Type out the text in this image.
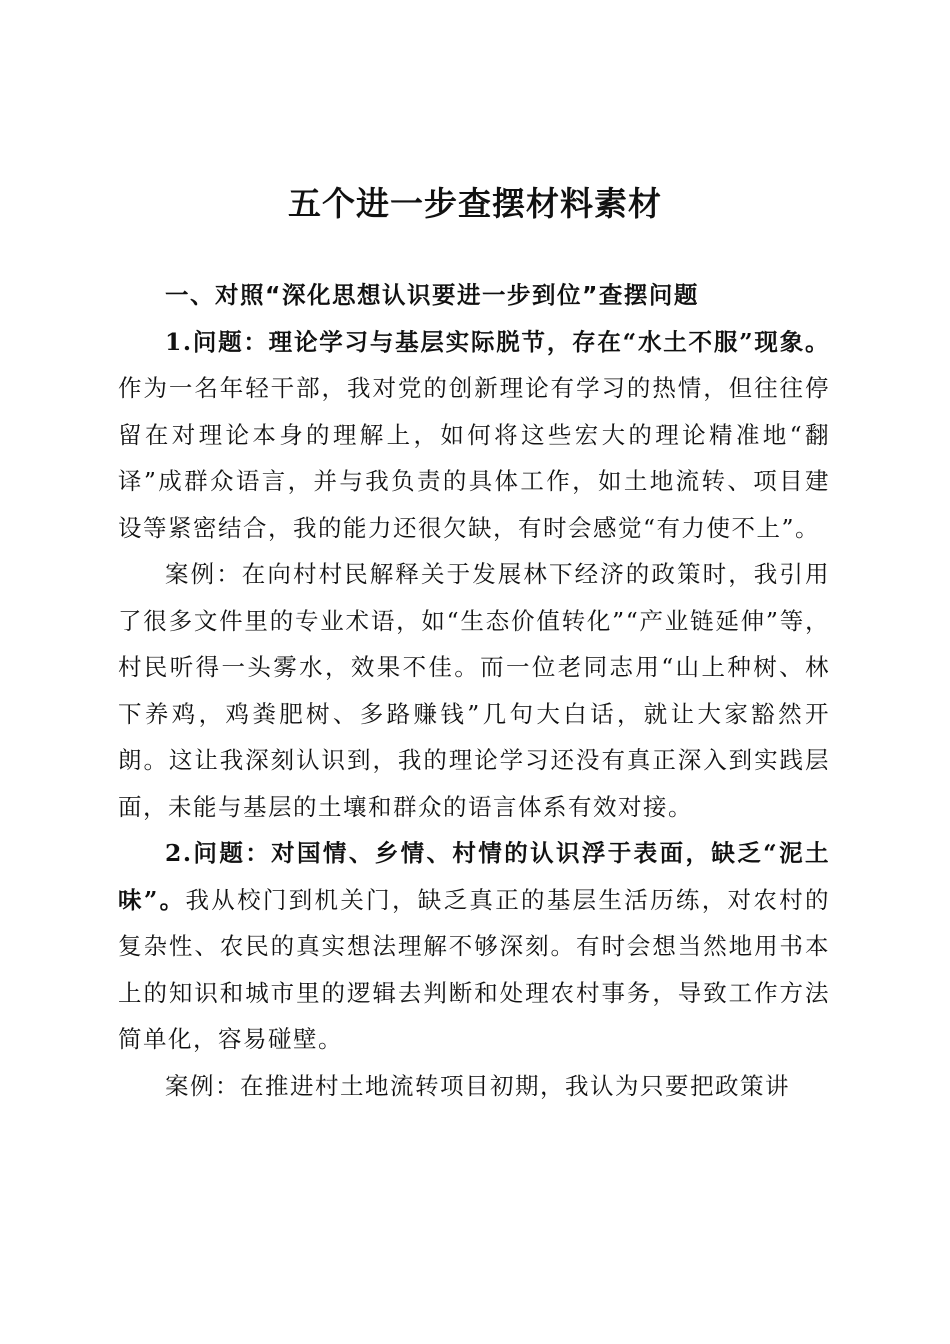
五个进一步查摆材料素材

一、对照“深化思想认识要进一步到位”查摆问题

1.问题：理论学习与基层实际脱节，存在“水土不服”现象。作为一名年轻干部，我对党的创新理论有学习的热情，但往往停留在对理论本身的理解上，如何将这些宏大的理论精准地“翻译”成群众语言，并与我负责的具体工作，如土地流转、项目建设等紧密结合，我的能力还很欠缺，有时会感觉“有力使不上”。

案例：在向村村民解释关于发展林下经济的政策时，我引用了很多文件里的专业术语，如“生态价值转化”“产业链延伸”等，村民听得一头雾水，效果不佳。而一位老同志用“山上种树、林下养鸡，鸡粪肥树、多路赚钱”几句大白话，就让大家豁然开朗。这让我深刻认识到，我的理论学习还没有真正深入到实践层面，未能与基层的土壤和群众的语言体系有效对接。

2.问题：对国情、乡情、村情的认识浮于表面，缺乏“泥土味”。我从校门到机关门，缺乏真正的基层生活历练，对农村的复杂性、农民的真实想法理解不够深刻。有时会想当然地用书本上的知识和城市里的逻辑去判断和处理农村事务，导致工作方法简单化，容易碰壁。

案例：在推进村土地流转项目初期，我认为只要把政策讲
